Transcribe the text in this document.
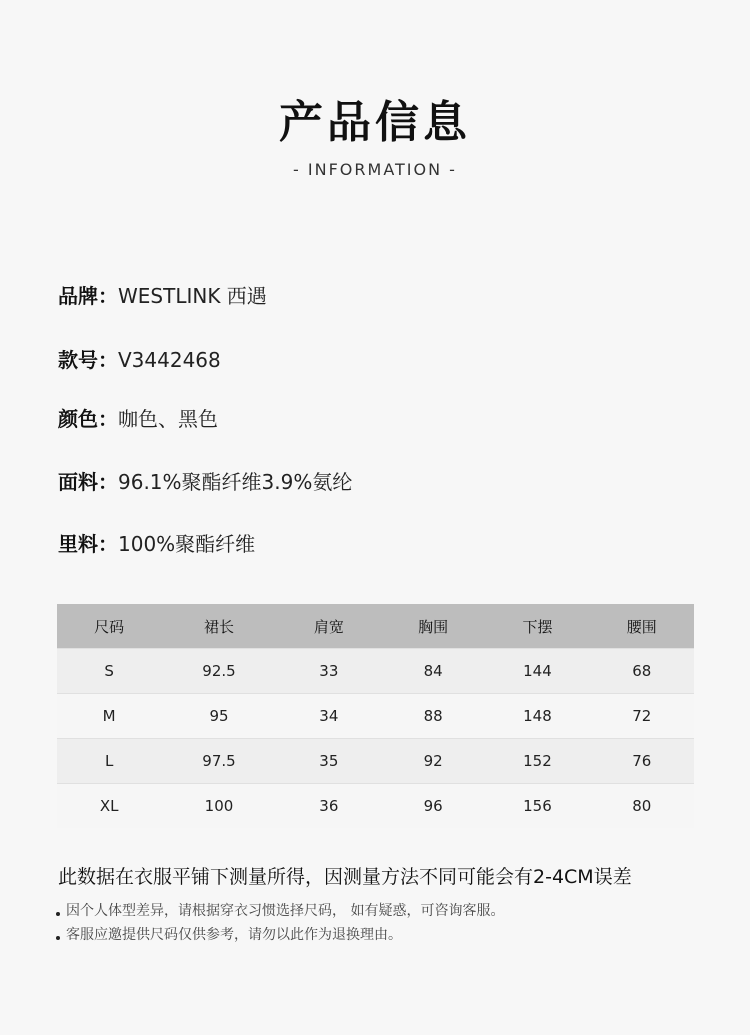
产品信息
- INFORMATION -
品牌：WESTLINK 西遇
款号：V3442468
颜色：咖色、黑色
面料：96.1%聚酯纤维3.9%氨纶
里料：100%聚酯纤维
尺码	裙长	肩宽	胸围	下摆	腰围
S	92.5	33	84	144	68
M	95	34	88	148	72
L	97.5	35	92	152	76
XL	100	36	96	156	80
此数据在衣服平铺下测量所得，因测量方法不同可能会有2-4CM误差
因个人体型差异，请根据穿衣习惯选择尺码， 如有疑惑，可咨询客服。
客服应邀提供尺码仅供参考，请勿以此作为退换理由。
